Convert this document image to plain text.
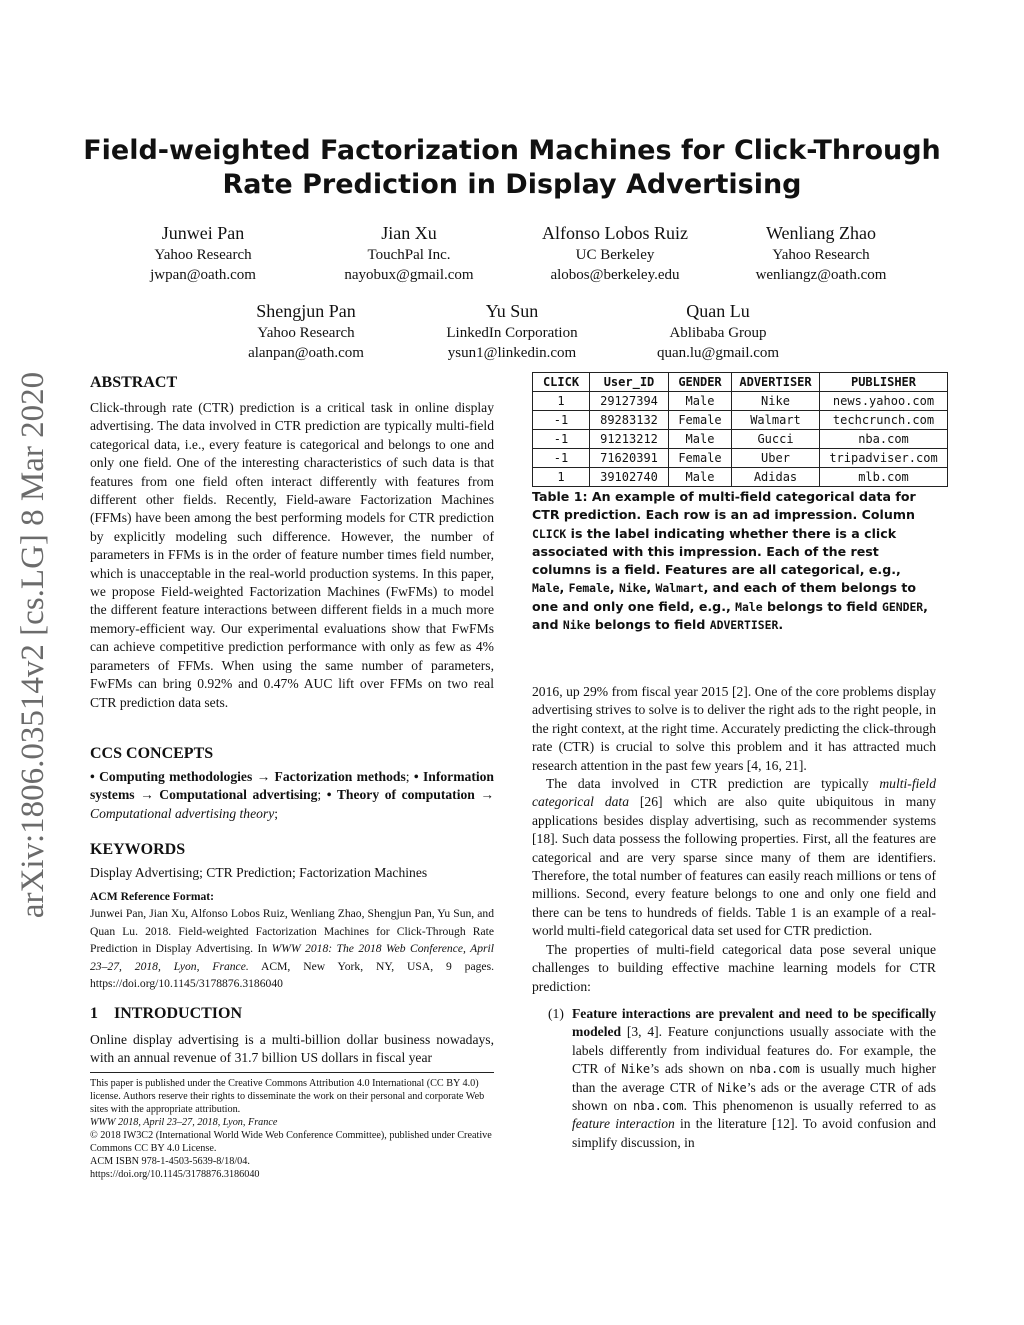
arXiv:1806.03514v2 [cs.LG] 8 Mar 2020
Field-weighted Factorization Machines for Click-Through Rate Prediction in Display Advertising
Junwei Pan
Yahoo Research
jwpan@oath.com
Jian Xu
TouchPal Inc.
nayobux@gmail.com
Alfonso Lobos Ruiz
UC Berkeley
alobos@berkeley.edu
Wenliang Zhao
Yahoo Research
wenliangz@oath.com
Shengjun Pan
Yahoo Research
alanpan@oath.com
Yu Sun
LinkedIn Corporation
ysun1@linkedin.com
Quan Lu
Ablibaba Group
quan.lu@gmail.com
ABSTRACT

Click-through rate (CTR) prediction is a critical task in online display advertising. The data involved in CTR prediction are typically multi-field categorical data, i.e., every feature is categorical and belongs to one and only one field. One of the interesting characteristics of such data is that features from one field often interact differently with features from different other fields. Recently, Field-aware Factorization Machines (FFMs) have been among the best performing models for CTR prediction by explicitly modeling such difference. However, the number of parameters in FFMs is in the order of feature number times field number, which is unacceptable in the real-world production systems. In this paper, we propose Field-weighted Factorization Machines (FwFMs) to model the different feature interactions between different fields in a much more memory-efficient way. Our experimental evaluations show that FwFMs can achieve competitive prediction performance with only as few as 4% parameters of FFMs. When using the same number of parameters, FwFMs can bring 0.92% and 0.47% AUC lift over FFMs on two real CTR prediction data sets.

CCS CONCEPTS

• Computing methodologies → Factorization methods; • Information systems → Computational advertising; • Theory of computation → Computational advertising theory;

KEYWORDS

Display Advertising; CTR Prediction; Factorization Machines

ACM Reference Format:
Junwei Pan, Jian Xu, Alfonso Lobos Ruiz, Wenliang Zhao, Shengjun Pan, Yu Sun, and Quan Lu. 2018. Field-weighted Factorization Machines for Click-Through Rate Prediction in Display Advertising. In WWW 2018: The 2018 Web Conference, April 23–27, 2018, Lyon, France. ACM, New York, NY, USA, 9 pages. https://doi.org/10.1145/3178876.3186040
1 INTRODUCTION

Online display advertising is a multi-billion dollar business nowadays, with an annual revenue of 31.7 billion US dollars in fiscal year

This paper is published under the Creative Commons Attribution 4.0 International (CC BY 4.0) license. Authors reserve their rights to disseminate the work on their personal and corporate Web sites with the appropriate attribution.
WWW 2018, April 23–27, 2018, Lyon, France
© 2018 IW3C2 (International World Wide Web Conference Committee), published under Creative Commons CC BY 4.0 License.
ACM ISBN 978-1-4503-5639-8/18/04.
https://doi.org/10.1145/3178876.3186040
CLICK	User_ID	GENDER	ADVERTISER	PUBLISHER
1	29127394	Male	Nike	news.yahoo.com
-1	89283132	Female	Walmart	techcrunch.com
-1	91213212	Male	Gucci	nba.com
-1	71620391	Female	Uber	tripadviser.com
1	39102740	Male	Adidas	mlb.com
Table 1: An example of multi-field categorical data for CTR prediction. Each row is an ad impression. Column CLICK is the label indicating whether there is a click associated with this impression. Each of the rest columns is a field. Features are all categorical, e.g., Male, Female, Nike, Walmart, and each of them belongs to one and only one field, e.g., Male belongs to field GENDER, and Nike belongs to field ADVERTISER.

2016, up 29% from fiscal year 2015 [2]. One of the core problems display advertising strives to solve is to deliver the right ads to the right people, in the right context, at the right time. Accurately predicting the click-through rate (CTR) is crucial to solve this problem and it has attracted much research attention in the past few years [4, 16, 21].

The data involved in CTR prediction are typically multi-field categorical data [26] which are also quite ubiquitous in many applications besides display advertising, such as recommender systems [18]. Such data possess the following properties. First, all the features are categorical and are very sparse since many of them are identifiers. Therefore, the total number of features can easily reach millions or tens of millions. Second, every feature belongs to one and only one field and there can be tens to hundreds of fields. Table 1 is an example of a real-world multi-field categorical data set used for CTR prediction.

The properties of multi-field categorical data pose several unique challenges to building effective machine learning models for CTR prediction:

(1) Feature interactions are prevalent and need to be specifically modeled [3, 4]. Feature conjunctions usually associate with the labels differently from individual features do. For example, the CTR of Nike’s ads shown on nba.com is usually much higher than the average CTR of Nike’s ads or the average CTR of ads shown on nba.com. This phenomenon is usually referred to as feature interaction in the literature [12]. To avoid confusion and simplify discussion, in
